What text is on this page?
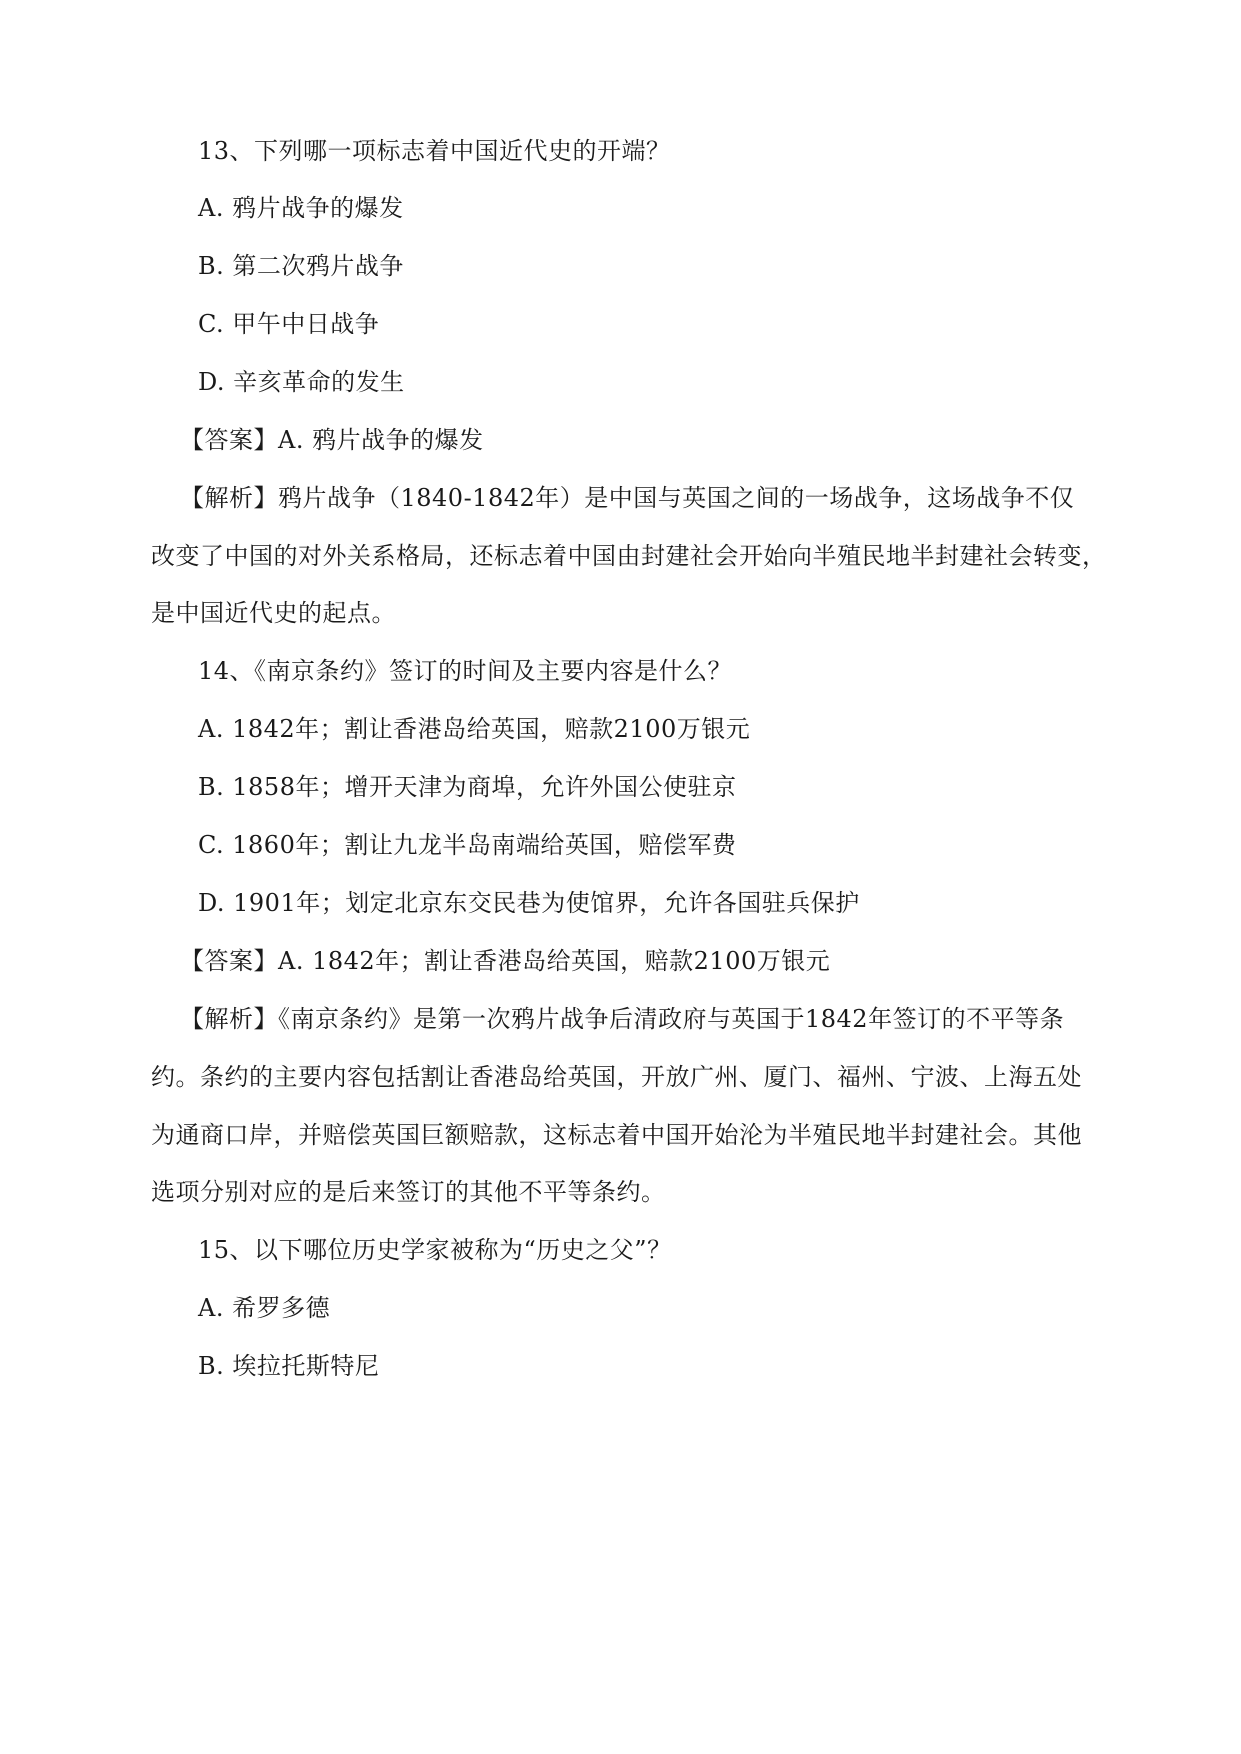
13、下列哪一项标志着中国近代史的开端？
A. 鸦片战争的爆发
B. 第二次鸦片战争
C. 甲午中日战争
D. 辛亥革命的发生
【答案】A. 鸦片战争的爆发
【解析】鸦片战争（1840-1842年）是中国与英国之间的一场战争，这场战争不仅
改变了中国的对外关系格局，还标志着中国由封建社会开始向半殖民地半封建社会转变，
是中国近代史的起点。
14、《南京条约》签订的时间及主要内容是什么？
A. 1842年；割让香港岛给英国，赔款2100万银元
B. 1858年；增开天津为商埠，允许外国公使驻京
C. 1860年；割让九龙半岛南端给英国，赔偿军费
D. 1901年；划定北京东交民巷为使馆界，允许各国驻兵保护
【答案】A. 1842年；割让香港岛给英国，赔款2100万银元
【解析】《南京条约》是第一次鸦片战争后清政府与英国于1842年签订的不平等条
约。条约的主要内容包括割让香港岛给英国，开放广州、厦门、福州、宁波、上海五处
为通商口岸，并赔偿英国巨额赔款，这标志着中国开始沦为半殖民地半封建社会。其他
选项分别对应的是后来签订的其他不平等条约。
15、以下哪位历史学家被称为“历史之父”？
A. 希罗多德
B. 埃拉托斯特尼
